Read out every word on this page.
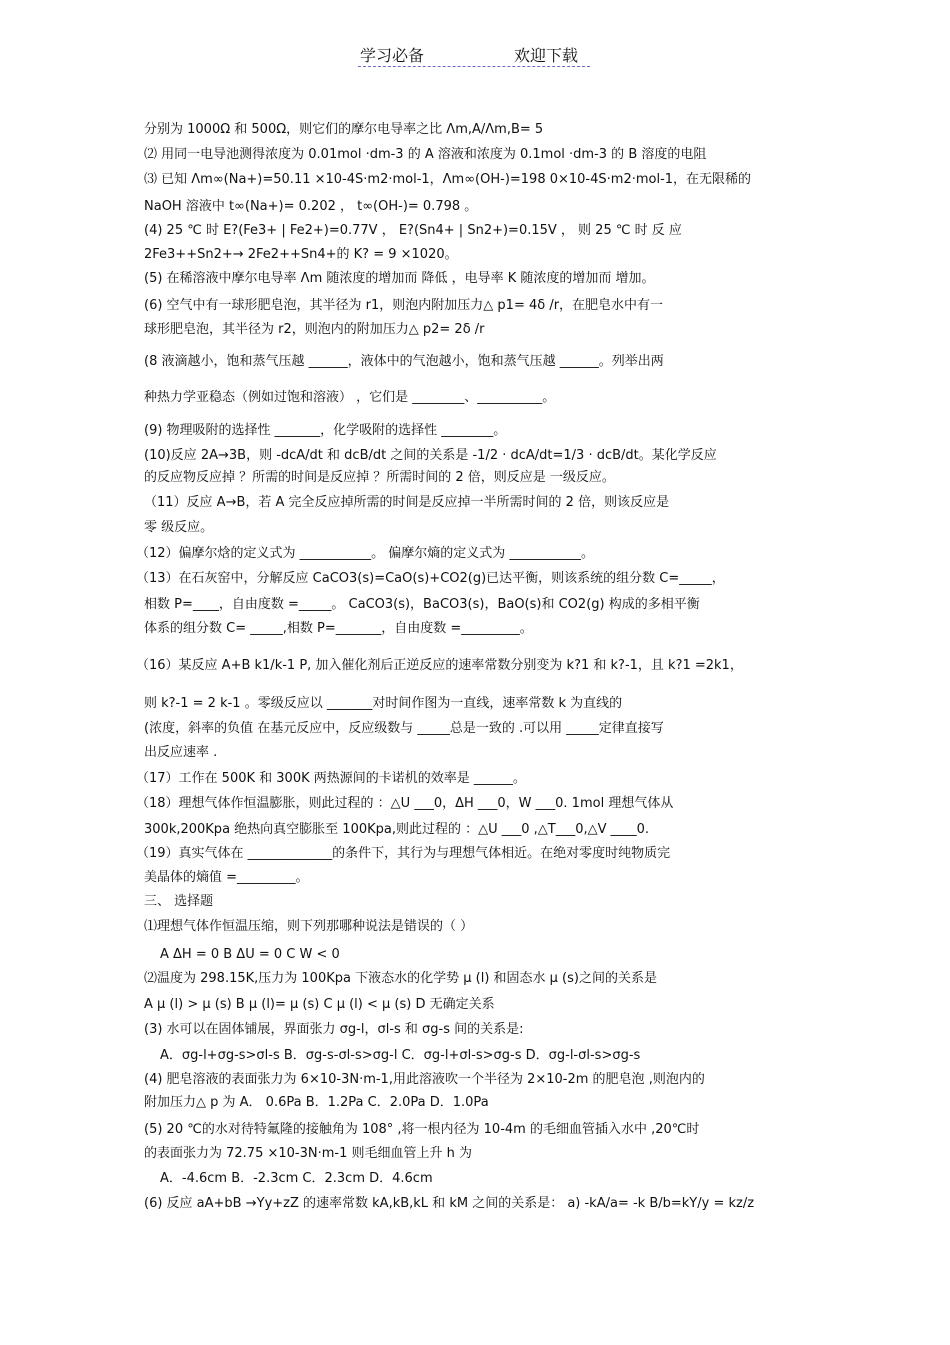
学习必备	欢迎下载
分别为 1000Ω 和 500Ω，则它们的摩尔电导率之比 Λm,A/Λm,B= 5
⑵ 用同一电导池测得浓度为 0.01mol ·dm-3 的 A 溶液和浓度为 0.1mol ·dm-3 的 B 溶度的电阻
⑶ 已知 Λm∞(Na+)=50.11 ×10-4S·m2·mol-1，Λm∞(OH-)=198 0×10-4S·m2·mol-1，在无限稀的
NaOH 溶液中 t∞(Na+)= 0.202 ， t∞(OH-)= 0.798 。
(4) 25 ℃ 时 E?(Fe3+ | Fe2+)=0.77V ， E?(Sn4+ | Sn2+)=0.15V ， 则 25 ℃ 时 反 应
2Fe3++Sn2+→ 2Fe2++Sn4+的 K? = 9 ×1020。
(5) 在稀溶液中摩尔电导率 Λm 随浓度的增加而 降低 ，电导率 K 随浓度的增加而 增加。
(6) 空气中有一球形肥皂泡，其半径为 r1，则泡内附加压力△ p1= 4δ /r，在肥皂水中有一
球形肥皂泡，其半径为 r2，则泡内的附加压力△ p2= 2δ /r
(8 液滴越小，饱和蒸气压越 ______，液体中的气泡越小，饱和蒸气压越 ______。列举出两
种热力学亚稳态（例如过饱和溶液） ，它们是 ________、__________。
(9) 物理吸附的选择性 _______，化学吸附的选择性 ________。
(10)反应 2A→3B，则 -dcA/dt 和 dcB/dt 之间的关系是 -1/2 · dcA/dt=1/3 · dcB/dt。某化学反应
的反应物反应掉 ？所需的时间是反应掉 ？所需时间的 2 倍，则反应是 一级反应。
（11）反应 A→B，若 A 完全反应掉所需的时间是反应掉一半所需时间的 2 倍，则该反应是
零 级反应。
（12）偏摩尔焓的定义式为 ___________。 偏摩尔熵的定义式为 ___________。
（13）在石灰窑中，分解反应 CaCO3(s)=CaO(s)+CO2(g)已达平衡，则该系统的组分数 C=_____，
相数 P=____，自由度数 =_____。 CaCO3(s)，BaCO3(s)，BaO(s)和 CO2(g) 构成的多相平衡
体系的组分数 C= _____,相数 P=_______，自由度数 =_________。
（16）某反应 A+B k1/k-1 P, 加入催化剂后正逆反应的速率常数分别变为 k?1 和 k?-1，且 k?1 =2k1，
则 k?-1 = 2 k-1 。零级反应以 _______对时间作图为一直线，速率常数 k 为直线的
(浓度，斜率的负值 在基元反应中，反应级数与 _____总是一致的 .可以用 _____定律直接写
出反应速率 .
（17）工作在 500K 和 300K 两热源间的卡诺机的效率是 ______。
（18）理想气体作恒温膨胀，则此过程的 ：△U ___0，ΔH ___0，W ___0. 1mol 理想气体从
300k,200Kpa 绝热向真空膨胀至 100Kpa,则此过程的 ：△U ___0 ,△T___0,△V ____0.
（19）真实气体在 _____________的条件下，其行为与理想气体相近。在绝对零度时纯物质完
美晶体的熵值 =_________。
三、 选择题
⑴理想气体作恒温压缩，则下列那哪种说法是错误的（ ）
A ΔH = 0 B ΔU = 0 C W < 0
⑵温度为 298.15K,压力为 100Kpa 下液态水的化学势 μ (l) 和固态水 μ (s)之间的关系是
A μ (l) > μ (s) B μ (l)= μ (s) C μ (l) < μ (s) D 无确定关系
(3) 水可以在固体铺展，界面张力 σg-l，σl-s 和 σg-s 间的关系是:
A．σg-l+σg-s>σl-s B．σg-s-σl-s>σg-l C．σg-l+σl-s>σg-s D．σg-l-σl-s>σg-s
(4) 肥皂溶液的表面张力为 6×10-3N·m-1,用此溶液吹一个半径为 2×10-2m 的肥皂泡 ,则泡内的
附加压力△ p 为 A． 0.6Pa B．1.2Pa C．2.0Pa D．1.0Pa
(5) 20 ℃的水对待特氟隆的接触角为 108° ,将一根内径为 10-4m 的毛细血管插入水中 ,20℃时
的表面张力为 72.75 ×10-3N·m-1 则毛细血管上升 h 为
A．-4.6cm B．-2.3cm C．2.3cm D．4.6cm
(6) 反应 aA+bB →Yy+zZ 的速率常数 kA,kB,kL 和 kM 之间的关系是： a) -kA/a= -k B/b=kY/y = kz/z
